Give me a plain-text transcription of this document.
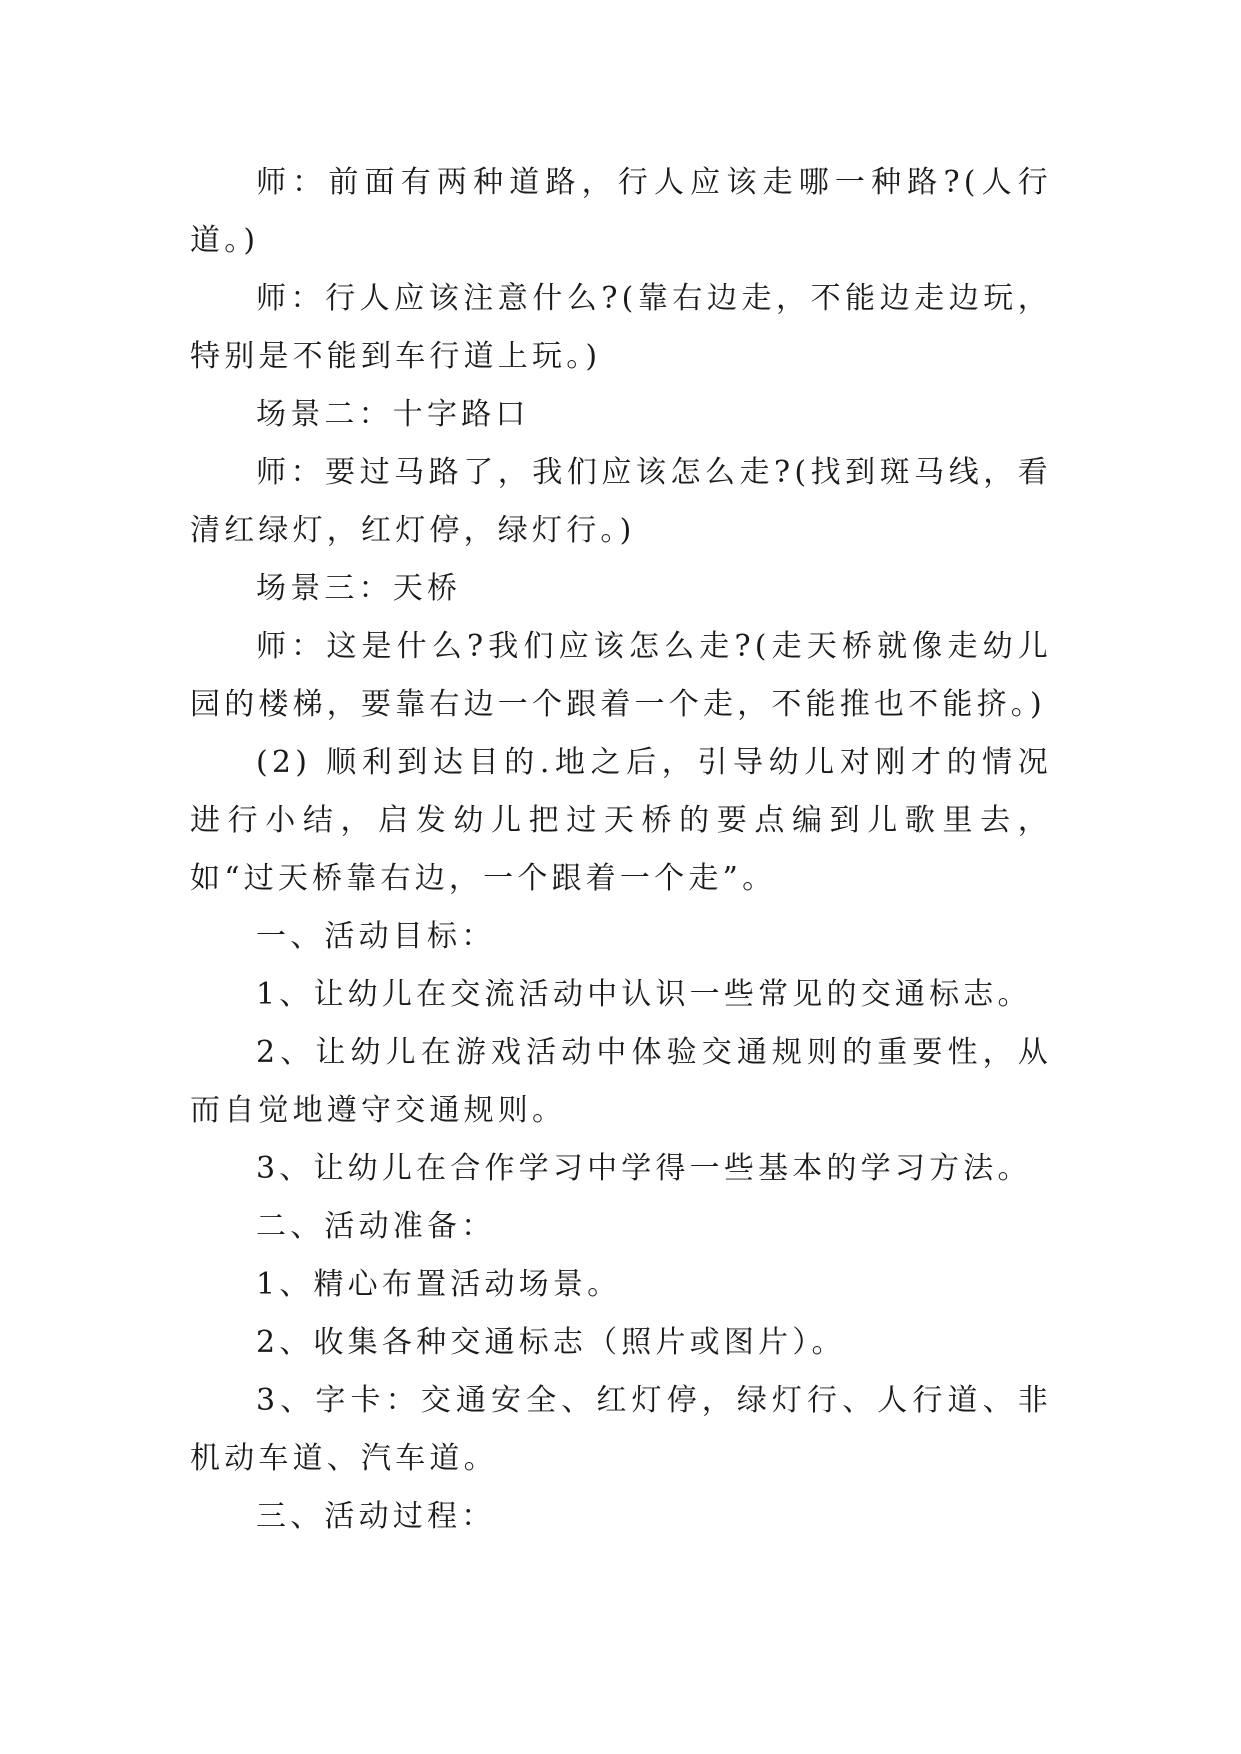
师：前面有两种道路，行人应该走哪一种路?(人行道。)

师：行人应该注意什么?(靠右边走，不能边走边玩，特别是不能到车行道上玩。)

场景二：十字路口

师：要过马路了，我们应该怎么走?(找到斑马线，看清红绿灯，红灯停，绿灯行。)

场景三：天桥

师：这是什么?我们应该怎么走?(走天桥就像走幼儿园的楼梯，要靠右边一个跟着一个走，不能推也不能挤。)

(2) 顺利到达目的.地之后，引导幼儿对刚才的情况进行小结，启发幼儿把过天桥的要点编到儿歌里去，如“过天桥靠右边，一个跟着一个走”。

一、活动目标：

1、让幼儿在交流活动中认识一些常见的交通标志。

2、让幼儿在游戏活动中体验交通规则的重要性，从而自觉地遵守交通规则。

3、让幼儿在合作学习中学得一些基本的学习方法。

二、活动准备：

1、精心布置活动场景。

2、收集各种交通标志（照片或图片）。

3、字卡：交通安全、红灯停，绿灯行、人行道、非机动车道、汽车道。

三、活动过程：
